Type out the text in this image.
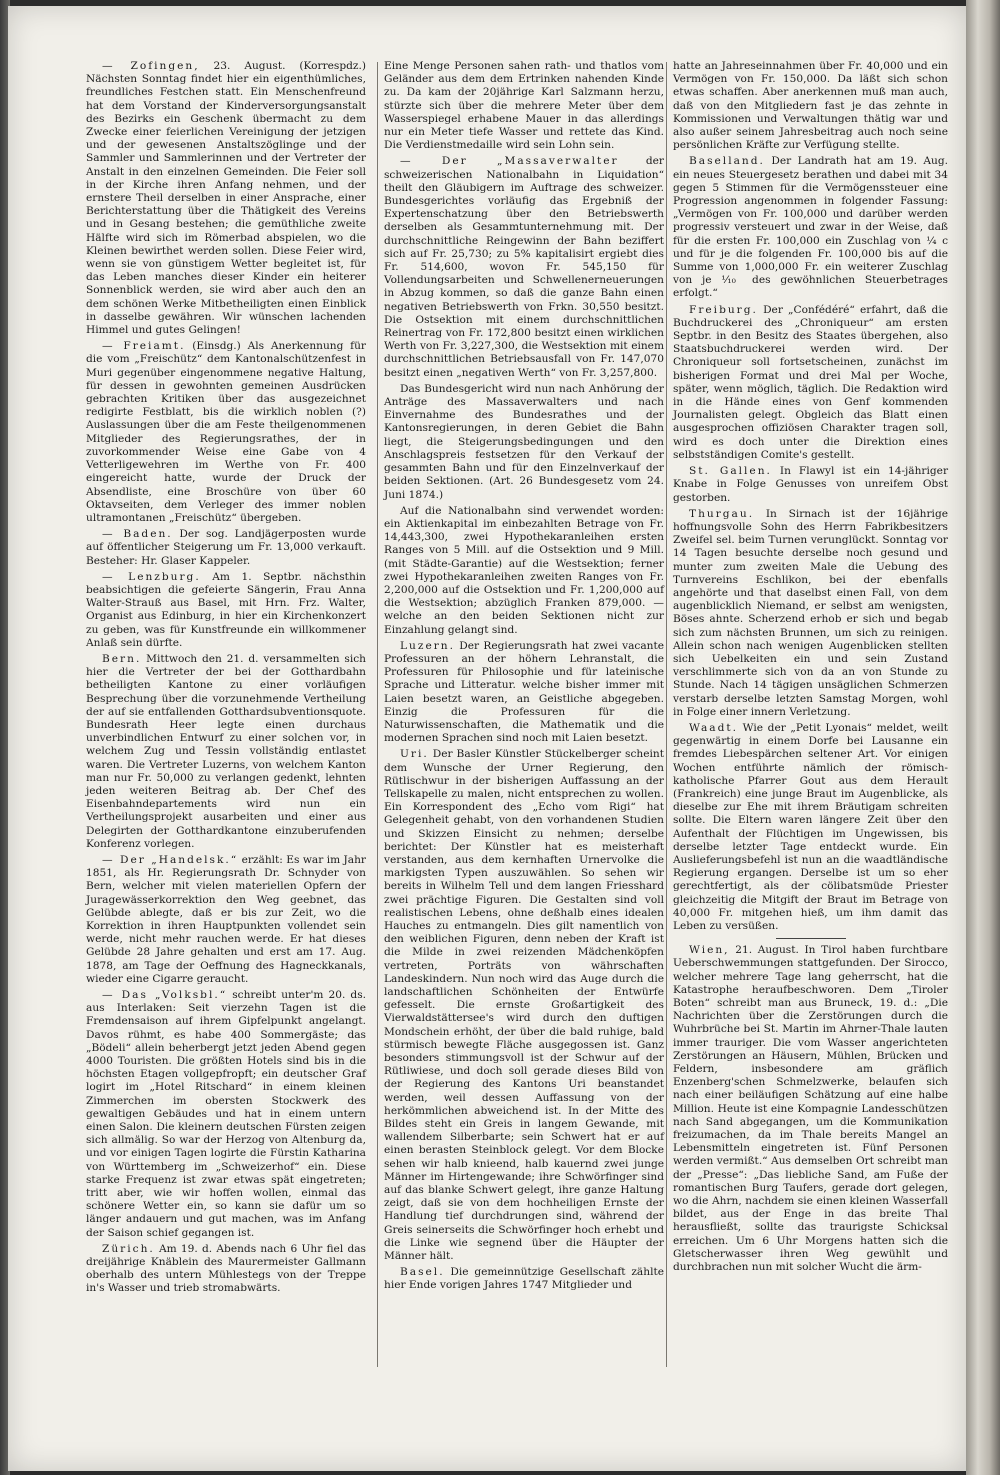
— Zofingen, 23. August. (Korrespdz.) Nächsten Sonntag findet hier ein eigenthümliches, freundliches Festchen statt. Ein Menschenfreund hat dem Vorstand der Kinderversorgungsanstalt des Bezirks ein Geschenk übermacht zu dem Zwecke einer feierlichen Vereinigung der jetzigen und der gewesenen Anstaltszöglinge und der Sammler und Sammlerinnen und der Vertreter der Anstalt in den einzelnen Gemeinden. Die Feier soll in der Kirche ihren Anfang nehmen, und der ernstere Theil derselben in einer Ansprache, einer Berichterstattung über die Thätigkeit des Vereins und in Gesang bestehen; die gemüthliche zweite Hälfte wird sich im Römerbad abspielen, wo die Kleinen bewirthet werden sollen. Diese Feier wird, wenn sie von günstigem Wetter begleitet ist, für das Leben manches dieser Kinder ein heiterer Sonnenblick werden, sie wird aber auch den an dem schönen Werke Mitbetheiligten einen Einblick in dasselbe gewähren. Wir wünschen lachenden Himmel und gutes Gelingen!

— Freiamt. (Einsdg.) Als Anerkennung für die vom „Freischütz“ dem Kantonalschützenfest in Muri gegenüber eingenommene negative Haltung, für dessen in gewohnten gemeinen Ausdrücken gebrachten Kritiken über das ausgezeichnet redigirte Festblatt, bis die wirklich noblen (?) Auslassungen über die am Feste theilgenommenen Mitglieder des Regierungsrathes, der in zuvorkommender Weise eine Gabe von 4 Vetterligewehren im Werthe von Fr. 400 eingereicht hatte, wurde der Druck der Absendliste, eine Broschüre von über 60 Oktavseiten, dem Verleger des immer noblen ultramontanen „Freischütz“ übergeben.

— Baden. Der sog. Landjägerposten wurde auf öffentlicher Steigerung um Fr. 13,000 verkauft. Besteher: Hr. Glaser Kappeler.

— Lenzburg. Am 1. Septbr. nächsthin beabsichtigen die gefeierte Sängerin, Frau Anna Walter-Strauß aus Basel, mit Hrn. Frz. Walter, Organist aus Edinburg, in hier ein Kirchenkonzert zu geben, was für Kunstfreunde ein willkommener Anlaß sein dürfte.

Bern. Mittwoch den 21. d. versammelten sich hier die Vertreter der bei der Gotthardbahn betheiligten Kantone zu einer vorläufigen Besprechung über die vorzunehmende Vertheilung der auf sie entfallenden Gotthardsubventionsquote. Bundesrath Heer legte einen durchaus unverbindlichen Entwurf zu einer solchen vor, in welchem Zug und Tessin vollständig entlastet waren. Die Vertreter Luzerns, von welchem Kanton man nur Fr. 50,000 zu verlangen gedenkt, lehnten jeden weiteren Beitrag ab. Der Chef des Eisenbahndepartements wird nun ein Vertheilungsprojekt ausarbeiten und einer aus Delegirten der Gotthardkantone einzuberufenden Konferenz vorlegen.

— Der „Handelsk.“ erzählt: Es war im Jahr 1851, als Hr. Regierungsrath Dr. Schnyder von Bern, welcher mit vielen materiellen Opfern der Juragewässerkorrektion den Weg geebnet, das Gelübde ablegte, daß er bis zur Zeit, wo die Korrektion in ihren Hauptpunkten vollendet sein werde, nicht mehr rauchen werde. Er hat dieses Gelübde 28 Jahre gehalten und erst am 17. Aug. 1878, am Tage der Oeffnung des Hagneckkanals, wieder eine Cigarre geraucht.

— Das „Volksbl.“ schreibt unter'm 20. ds. aus Interlaken: Seit vierzehn Tagen ist die Fremdensaison auf ihrem Gipfelpunkt angelangt. Davos rühmt, es habe 400 Sommergäste; das „Bödeli“ allein beherbergt jetzt jeden Abend gegen 4000 Touristen. Die größten Hotels sind bis in die höchsten Etagen vollgepfropft; ein deutscher Graf logirt im „Hotel Ritschard“ in einem kleinen Zimmerchen im obersten Stockwerk des gewaltigen Gebäudes und hat in einem untern einen Salon. Die kleinern deutschen Fürsten zeigen sich allmälig. So war der Herzog von Altenburg da, und vor einigen Tagen logirte die Fürstin Katharina von Württemberg im „Schweizerhof“ ein. Diese starke Frequenz ist zwar etwas spät eingetreten; tritt aber, wie wir hoffen wollen, einmal das schönere Wetter ein, so kann sie dafür um so länger andauern und gut machen, was im Anfang der Saison schief gegangen ist.

Zürich. Am 19. d. Abends nach 6 Uhr fiel das dreijährige Knäblein des Maurermeister Gallmann oberhalb des untern Mühlestegs von der Treppe in's Wasser und trieb stromabwärts.

Eine Menge Personen sahen rath- und thatlos vom Geländer aus dem dem Ertrinken nahenden Kinde zu. Da kam der 20jährige Karl Salzmann herzu, stürzte sich über die mehrere Meter über dem Wasserspiegel erhabene Mauer in das allerdings nur ein Meter tiefe Wasser und rettete das Kind. Die Verdienstmedaille wird sein Lohn sein.

— Der „Massaverwalter	der schweizerischen Nationalbahn in Liquidation“ theilt den Gläubigern im Auftrage des schweizer. Bundesgerichtes vorläufig das Ergebniß der Expertenschatzung über den Betriebswerth derselben als Gesammtunternehmung mit. Der durchschnittliche Reingewinn der Bahn beziffert sich auf Fr. 25,730; zu 5% kapitalisirt ergiebt dies Fr. 514,600, wovon Fr. 545,150 für Vollendungsarbeiten und Schwellenerneuerungen in Abzug kommen, so daß die ganze Bahn einen negativen Betriebswerth von Frkn. 30,550 besitzt. Die Ostsektion mit einem durchschnittlichen Reinertrag von Fr. 172,800 besitzt einen wirklichen Werth von Fr. 3,227,300, die Westsektion mit einem durchschnittlichen Betriebsausfall von Fr. 147,070 besitzt einen „negativen Werth“ von Fr. 3,257,800.

Das Bundesgericht wird nun nach Anhörung der Anträge des Massaverwalters und nach Einvernahme des Bundesrathes und der Kantonsregierungen, in deren Gebiet die Bahn liegt, die Steigerungsbedingungen und den Anschlagspreis festsetzen für den Verkauf der gesammten Bahn und für den Einzelnverkauf der beiden Sektionen. (Art. 26 Bundesgesetz vom 24. Juni 1874.)

Auf die Nationalbahn sind verwendet worden: ein Aktienkapital im einbezahlten Betrage von Fr. 14,443,300, zwei Hypothekaranleihen ersten Ranges von 5 Mill. auf die Ostsektion und 9 Mill. (mit Städte-Garantie) auf die Westsektion; ferner zwei Hypothekaranleihen zweiten Ranges von Fr. 2,200,000 auf die Ostsektion und Fr. 1,200,000 auf die Westsektion; abzüglich Franken 879,000. — welche an den beiden Sektionen nicht zur Einzahlung gelangt sind.

Luzern. Der Regierungsrath hat zwei vacante Professuren an der höhern Lehranstalt, die Professuren für Philosophie und für lateinische Sprache und Litteratur. welche bisher immer mit Laien besetzt waren, an Geistliche abgegeben. Einzig die Professuren für die Naturwissenschaften, die Mathematik und die modernen Sprachen sind noch mit Laien besetzt.

Uri. Der Basler Künstler Stückelberger scheint dem Wunsche der Urner Regierung, den Rütlischwur in der bisherigen Auffassung an der Tellskapelle zu malen, nicht entsprechen zu wollen. Ein Korrespondent des „Echo vom Rigi“ hat Gelegenheit gehabt, von den vorhandenen Studien und Skizzen Einsicht zu nehmen; derselbe berichtet: Der Künstler hat es meisterhaft verstanden, aus dem kernhaften Urnervolke die markigsten Typen auszuwählen. So sehen wir bereits in Wilhelm Tell und dem langen Friesshard zwei prächtige Figuren. Die Gestalten sind voll realistischen Lebens, ohne deßhalb eines idealen Hauches zu entmangeln. Dies gilt namentlich von den weiblichen Figuren, denn neben der Kraft ist die Milde in zwei reizenden Mädchenköpfen vertreten, Porträts von währschaften Landeskindern. Nun noch wird das Auge durch die landschaftlichen Schönheiten der Entwürfe gefesselt. Die ernste Großartigkeit des Vierwaldstättersee's wird durch den duftigen Mondschein erhöht, der über die bald ruhige, bald stürmisch bewegte Fläche ausgegossen ist. Ganz besonders stimmungsvoll ist der Schwur auf der Rütliwiese, und doch soll gerade dieses Bild von der Regierung des Kantons Uri beanstandet werden, weil dessen Auffassung von der herkömmlichen abweichend ist. In der Mitte des Bildes steht ein Greis in langem Gewande, mit wallendem Silberbarte; sein Schwert hat er auf einen berasten Steinblock gelegt. Vor dem Blocke sehen wir halb knieend, halb kauernd zwei junge Männer im Hirtengewande; ihre Schwörfinger sind auf das blanke Schwert gelegt, ihre ganze Haltung zeigt, daß sie von dem hochheiligen Ernste der Handlung tief durchdrungen sind, während der Greis seinerseits die Schwörfinger hoch erhebt und die Linke wie segnend über die Häupter der Männer hält.

Basel. Die gemeinnützige Gesellschaft zählte hier Ende vorigen Jahres 1747 Mitglieder und

hatte an Jahreseinnahmen über Fr. 40,000 und ein Vermögen von Fr. 150,000. Da läßt sich schon etwas schaffen. Aber anerkennen muß man auch, daß von den Mitgliedern fast je das zehnte in Kommissionen und Verwaltungen thätig war und also außer seinem Jahresbeitrag auch noch seine persönlichen Kräfte zur Verfügung stellte.

Baselland. Der Landrath hat am 19. Aug. ein neues Steuergesetz berathen und dabei mit 34 gegen 5 Stimmen für die Vermögenssteuer eine Progression angenommen in folgender Fassung: „Vermögen von Fr. 100,000 und darüber werden progressiv versteuert und zwar in der Weise, daß für die ersten Fr. 100,000 ein Zuschlag von ¼ c und für je die folgenden Fr. 100,000 bis auf die Summe von 1,000,000 Fr. ein weiterer Zuschlag von je ⅒ des gewöhnlichen Steuerbetrages erfolgt.“

Freiburg. Der „Confédéré“ erfahrt, daß die Buchdruckerei des „Chroniqueur“ am ersten Septbr. in den Besitz des Staates übergehen, also Staatsbuchdruckerei werden wird. Der Chroniqueur soll fortsetscheinen, zunächst im bisherigen Format und drei Mal per Woche, später, wenn möglich, täglich. Die Redaktion wird in die Hände eines von Genf kommenden Journalisten gelegt. Obgleich das Blatt einen ausgesprochen offiziösen Charakter tragen soll, wird es doch unter die Direktion eines selbstständigen Comite's gestellt.

St. Gallen. In Flawyl ist ein 14-jähriger Knabe in Folge Genusses von unreifem Obst gestorben.

Thurgau. In Sirnach ist der 16jährige hoffnungsvolle Sohn des Herrn Fabrikbesitzers Zweifel sel. beim Turnen verunglückt. Sonntag vor 14 Tagen besuchte derselbe noch gesund und munter zum zweiten Male die Uebung des Turnvereins Eschlikon, bei der ebenfalls angehörte und that daselbst einen Fall, von dem augenblicklich Niemand, er selbst am wenigsten, Böses ahnte. Scherzend erhob er sich und begab sich zum nächsten Brunnen, um sich zu reinigen. Allein schon nach wenigen Augenblicken stellten sich Uebelkeiten ein und sein Zustand verschlimmerte sich von da an von Stunde zu Stunde. Nach 14 tägigen unsäglichen Schmerzen verstarb derselbe letzten Samstag Morgen, wohl in Folge einer innern Verletzung.

Waadt. Wie der „Petit Lyonais“ meldet, weilt gegenwärtig in einem Dorfe bei Lausanne ein fremdes Liebespärchen seltener Art. Vor einigen Wochen entführte nämlich der römisch-katholische Pfarrer Gout aus dem Herault (Frankreich) eine junge Braut im Augenblicke, als dieselbe zur Ehe mit ihrem Bräutigam schreiten sollte. Die Eltern waren längere Zeit über den Aufenthalt der Flüchtigen im Ungewissen, bis derselbe letzter Tage entdeckt wurde. Ein Auslieferungsbefehl ist nun an die waadtländische Regierung ergangen. Derselbe ist um so eher gerechtfertigt, als der cölibatsmüde Priester gleichzeitig die Mitgift der Braut im Betrage von 40,000 Fr. mitgehen hieß, um ihm damit das Leben zu versüßen.

Wien, 21. August. In Tirol haben furchtbare Ueberschwemmungen stattgefunden. Der Sirocco, welcher mehrere Tage lang geherrscht, hat die Katastrophe heraufbeschworen. Dem „Tiroler Boten“ schreibt man aus Bruneck, 19. d.: „Die Nachrichten über die Zerstörungen durch die Wuhrbrüche bei St. Martin im Ahrner-Thale lauten immer trauriger. Die vom Wasser angerichteten Zerstörungen an Häusern, Mühlen, Brücken und Feldern, insbesondere am gräflich Enzenberg'schen Schmelzwerke, belaufen sich nach einer beiläufigen Schätzung auf eine halbe Million. Heute ist eine Kompagnie Landesschützen nach Sand abgegangen, um die Kommunikation freizumachen, da im Thale bereits Mangel an Lebensmitteln eingetreten ist. Fünf Personen werden vermißt.“ Aus demselben Ort schreibt man der „Presse“: „Das liebliche Sand, am Fuße der romantischen Burg Taufers, gerade dort gelegen, wo die Ahrn, nachdem sie einen kleinen Wasserfall bildet, aus der Enge in das breite Thal herausfließt, sollte das traurigste Schicksal erreichen. Um 6 Uhr Morgens hatten sich die Gletscherwasser ihren Weg gewühlt und durchbrachen nun mit solcher Wucht die ärm-
